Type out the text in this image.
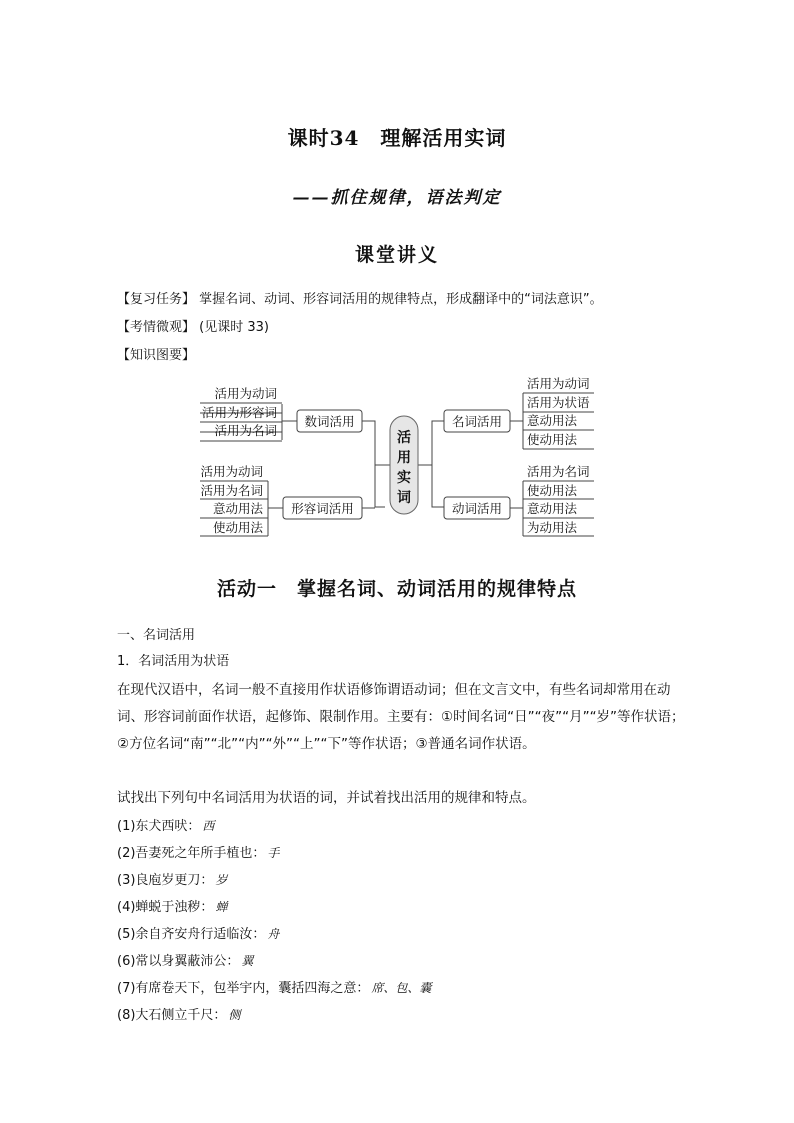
课时34　理解活用实词
——抓住规律，语法判定
课堂讲义
【复习任务】 掌握名词、动词、形容词活用的规律特点，形成翻译中的“词法意识”。
【考情微观】 (见课时 33)
【知识图要】
数词活用
形容词活用
名词活用
动词活用
活
用
实
词
活用为动词
活用为形容词
活用为名词
活用为动词
活用为名词
意动用法
使动用法
活用为动词
活用为状语
意动用法
使动用法
活用为名词
使动用法
意动用法
为动用法
活动一　掌握名词、动词活用的规律特点
一、名词活用
1．名词活用为状语
在现代汉语中，名词一般不直接用作状语修饰谓语动词；但在文言文中，有些名词却常用在动词、形容词前面作状语，起修饰、限制作用。主要有：①时间名词“日”“夜”“月”“岁”等作状语；②方位名词“南”“北”“内”“外”“上”“下”等作状语；③普通名词作状语。
试找出下列句中名词活用为状语的词，并试着找出活用的规律和特点。
(1)东犬西吠： 西
(2)吾妻死之年所手植也： 手
(3)良庖岁更刀： 岁
(4)蝉蜕于浊秽： 蝉
(5)余自齐安舟行适临汝： 舟
(6)常以身翼蔽沛公： 翼
(7)有席卷天下，包举宇内，囊括四海之意： 席、包、囊
(8)大石侧立千尺： 侧
